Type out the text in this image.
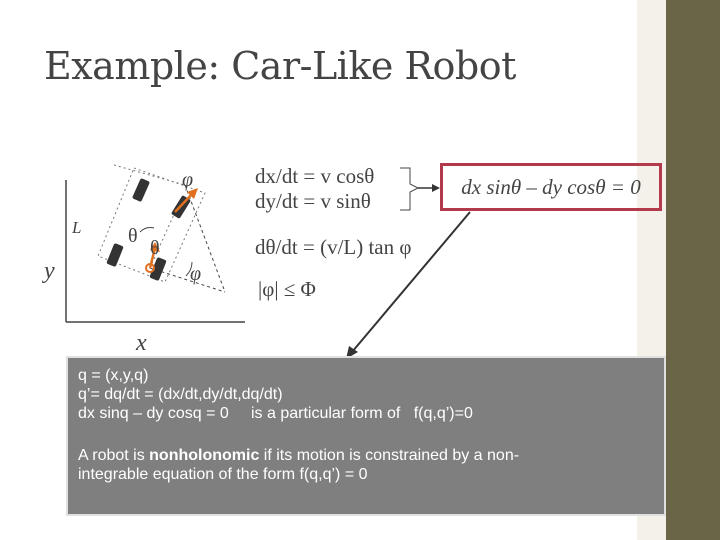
Example: Car-Like Robot
φ
θ
θ
φ
L
y
x
dx/dt = v cosθ
dy/dt = v sinθ
dθ/dt = (v/L) tan φ
|φ| ≤ Φ
dx sinθ – dy cosθ = 0
q = (x,y,q)
q’= dq/dt = (dx/dt,dy/dt,dq/dt)
dx sinq – dy cosq = 0     is a particular form of   f(q,q’)=0
A robot is nonholonomic if its motion is constrained by a non-
integrable equation of the form f(q,q’) = 0
